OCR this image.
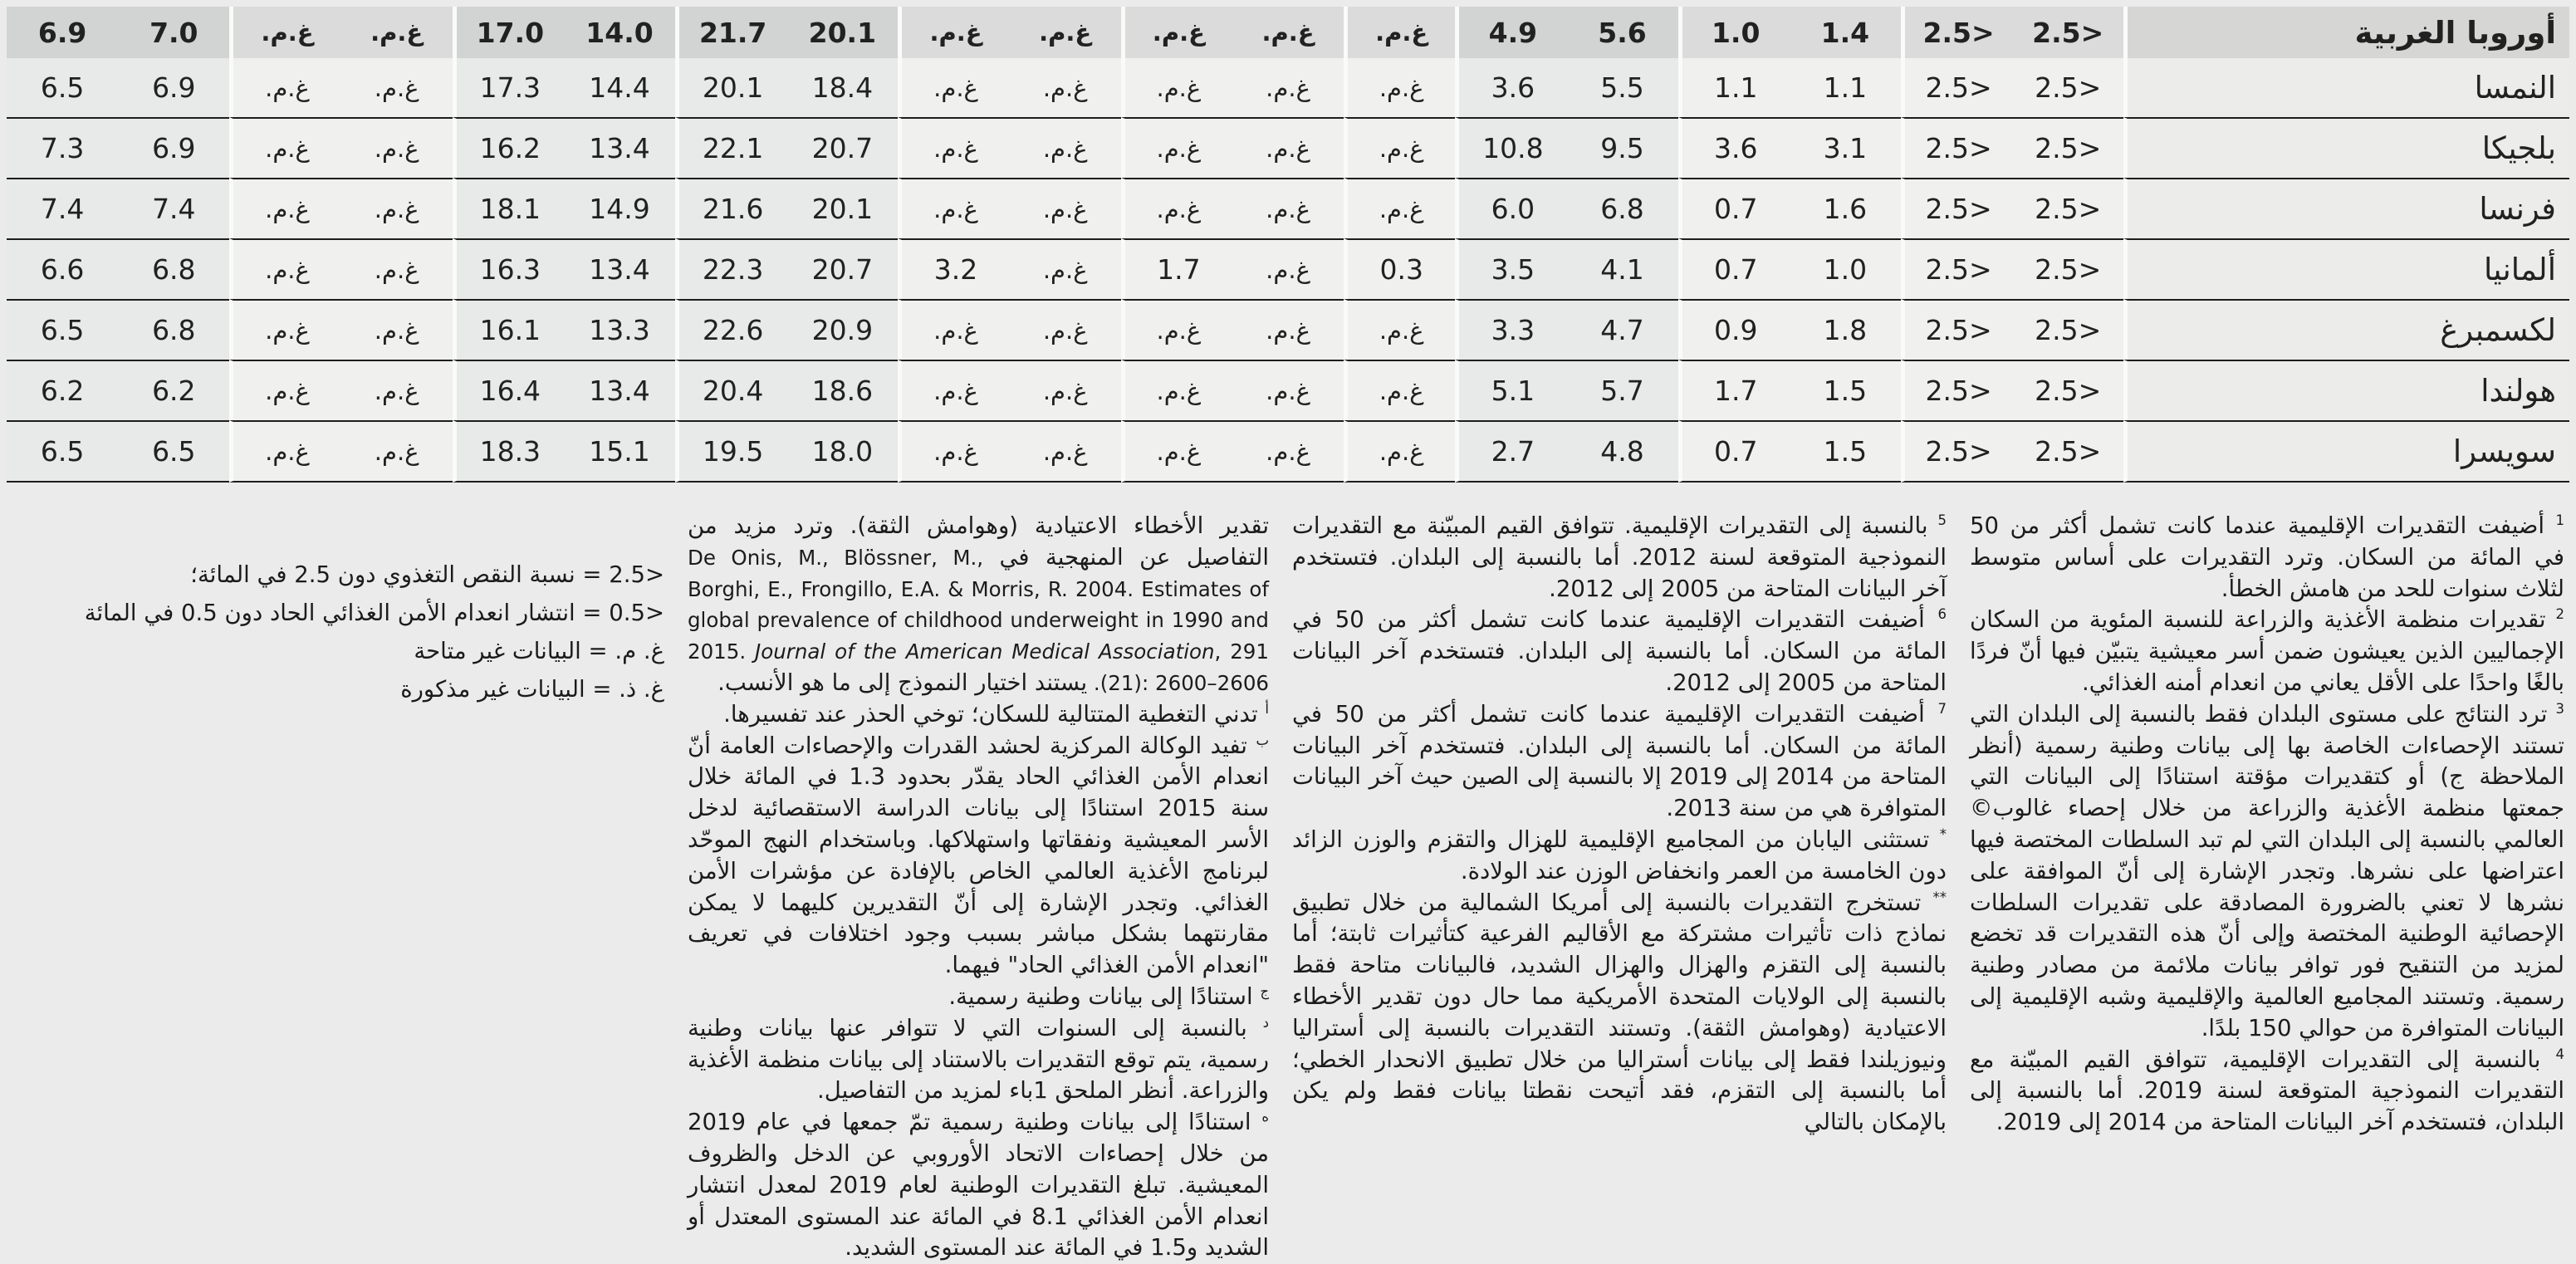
أوروبا الغربية	<2.5	<2.5	1.4	1.0	5.6	4.9	غ.م.	غ.م.	غ.م.	غ.م.	غ.م.	20.1	21.7	14.0	17.0	غ.م.	غ.م.	7.0	6.9
النمسا	<2.5	<2.5	1.1	1.1	5.5	3.6	غ.م.	غ.م.	غ.م.	غ.م.	غ.م.	18.4	20.1	14.4	17.3	غ.م.	غ.م.	6.9	6.5
بلجيكا	<2.5	<2.5	3.1	3.6	9.5	10.8	غ.م.	غ.م.	غ.م.	غ.م.	غ.م.	20.7	22.1	13.4	16.2	غ.م.	غ.م.	6.9	7.3
فرنسا	<2.5	<2.5	1.6	0.7	6.8	6.0	غ.م.	غ.م.	غ.م.	غ.م.	غ.م.	20.1	21.6	14.9	18.1	غ.م.	غ.م.	7.4	7.4
ألمانيا	<2.5	<2.5	1.0	0.7	4.1	3.5	0.3	غ.م.	1.7	غ.م.	3.2	20.7	22.3	13.4	16.3	غ.م.	غ.م.	6.8	6.6
لكسمبرغ	<2.5	<2.5	1.8	0.9	4.7	3.3	غ.م.	غ.م.	غ.م.	غ.م.	غ.م.	20.9	22.6	13.3	16.1	غ.م.	غ.م.	6.8	6.5
هولندا	<2.5	<2.5	1.5	1.7	5.7	5.1	غ.م.	غ.م.	غ.م.	غ.م.	غ.م.	18.6	20.4	13.4	16.4	غ.م.	غ.م.	6.2	6.2
سويسرا	<2.5	<2.5	1.5	0.7	4.8	2.7	غ.م.	غ.م.	غ.م.	غ.م.	غ.م.	18.0	19.5	15.1	18.3	غ.م.	غ.م.	6.5	6.5

$^1$ أضيفت التقديرات الإقليمية عندما كانت تشمل أكثر من 50 في المائة من السكان. وترد التقديرات على أساس متوسط لثلاث سنوات للحد من هامش الخطأ.

$^2$ تقديرات منظمة الأغذية والزراعة للنسبة المئوية من السكان الإجماليين الذين يعيشون ضمن أسر معيشية يتبيّن فيها أنّ فردًا بالغًا واحدًا على الأقل يعاني من انعدام أمنه الغذائي.

$^3$ ترد النتائج على مستوى البلدان فقط بالنسبة إلى البلدان التي تستند الإحصاءات الخاصة بها إلى بيانات وطنية رسمية (أنظر الملاحظة ج) أو كتقديرات مؤقتة استنادًا إلى البيانات التي جمعتها منظمة الأغذية والزراعة من خلال إحصاء غالوب© العالمي بالنسبة إلى البلدان التي لم تبد السلطات المختصة فيها اعتراضها على نشرها. وتجدر الإشارة إلى أنّ الموافقة على نشرها لا تعني بالضرورة المصادقة على تقديرات السلطات الإحصائية الوطنية المختصة وإلى أنّ هذه التقديرات قد تخضع لمزيد من التنقيح فور توافر بيانات ملائمة من مصادر وطنية رسمية. وتستند المجاميع العالمية والإقليمية وشبه الإقليمية إلى البيانات المتوافرة من حوالي 150 بلدًا.

$^4$ بالنسبة إلى التقديرات الإقليمية، تتوافق القيم المبيّنة مع التقديرات النموذجية المتوقعة لسنة 2019. أما بالنسبة إلى البلدان، فتستخدم آخر البيانات المتاحة من 2014 إلى 2019.

$^5$ بالنسبة إلى التقديرات الإقليمية. تتوافق القيم المبيّنة مع التقديرات النموذجية المتوقعة لسنة 2012. أما بالنسبة إلى البلدان. فتستخدم آخر البيانات المتاحة من 2005 إلى 2012.

$^6$ أضيفت التقديرات الإقليمية عندما كانت تشمل أكثر من 50 في المائة من السكان. أما بالنسبة إلى البلدان. فتستخدم آخر البيانات المتاحة من 2005 إلى 2012.

$^7$ أضيفت التقديرات الإقليمية عندما كانت تشمل أكثر من 50 في المائة من السكان. أما بالنسبة إلى البلدان. فتستخدم آخر البيانات المتاحة من 2014 إلى 2019 إلا بالنسبة إلى الصين حيث آخر البيانات المتوافرة هي من سنة 2013.

* تستثنى اليابان من المجاميع الإقليمية للهزال والتقزم والوزن الزائد دون الخامسة من العمر وانخفاض الوزن عند الولادة.

** تستخرج التقديرات بالنسبة إلى أمريكا الشمالية من خلال تطبيق نماذج ذات تأثيرات مشتركة مع الأقاليم الفرعية كتأثيرات ثابتة؛ أما بالنسبة إلى التقزم والهزال والهزال الشديد، فالبيانات متاحة فقط بالنسبة إلى الولايات المتحدة الأمريكية مما حال دون تقدير الأخطاء الاعتيادية (وهوامش الثقة). وتستند التقديرات بالنسبة إلى أستراليا ونيوزيلندا فقط إلى بيانات أستراليا من خلال تطبيق الانحدار الخطي؛ أما بالنسبة إلى التقزم، فقد أتيحت نقطتا بيانات فقط ولم يكن بالإمكان بالتالي

تقدير الأخطاء الاعتيادية (وهوامش الثقة). وترد مزيد من التفاصيل عن المنهجية في De Onis, M., Blössner, M., Borghi, E., Frongillo, E.A. & Morris, R. 2004. Estimates of global prevalence of childhood underweight in 1990 and 2015. Journal of the American Medical Association, 291 (21): 2600–2606. يستند اختيار النموذج إلى ما هو الأنسب.

$^أ$ تدني التغطية المتتالية للسكان؛ توخي الحذر عند تفسيرها.

$^ب$ تفيد الوكالة المركزية لحشد القدرات والإحصاءات العامة أنّ انعدام الأمن الغذائي الحاد يقدّر بحدود 1.3 في المائة خلال سنة 2015 استنادًا إلى بيانات الدراسة الاستقصائية لدخل الأسر المعيشية ونفقاتها واستهلاكها. وباستخدام النهج الموحّد لبرنامج الأغذية العالمي الخاص بالإفادة عن مؤشرات الأمن الغذائي. وتجدر الإشارة إلى أنّ التقديرين كليهما لا يمكن مقارنتهما بشكل مباشر بسبب وجود اختلافات في تعريف "انعدام الأمن الغذائي الحاد" فيهما.

$^ج$ استنادًا إلى بيانات وطنية رسمية.

$^د$ بالنسبة إلى السنوات التي لا تتوافر عنها بيانات وطنية رسمية، يتم توقع التقديرات بالاستناد إلى بيانات منظمة الأغذية والزراعة. أنظر الملحق 1باء لمزيد من التفاصيل.

$^ه$ استنادًا إلى بيانات وطنية رسمية تمّ جمعها في عام 2019 من خلال إحصاءات الاتحاد الأوروبي عن الدخل والظروف المعيشية. تبلغ التقديرات الوطنية لعام 2019 لمعدل انتشار انعدام الأمن الغذائي 8.1 في المائة عند المستوى المعتدل أو الشديد و1.5 في المائة عند المستوى الشديد.

<2.5 = نسبة النقص التغذوي دون 2.5 في المائة؛
<0.5 = انتشار انعدام الأمن الغذائي الحاد دون 0.5 في المائة
غ. م. = البيانات غير متاحة
غ. ذ. = البيانات غير مذكورة
